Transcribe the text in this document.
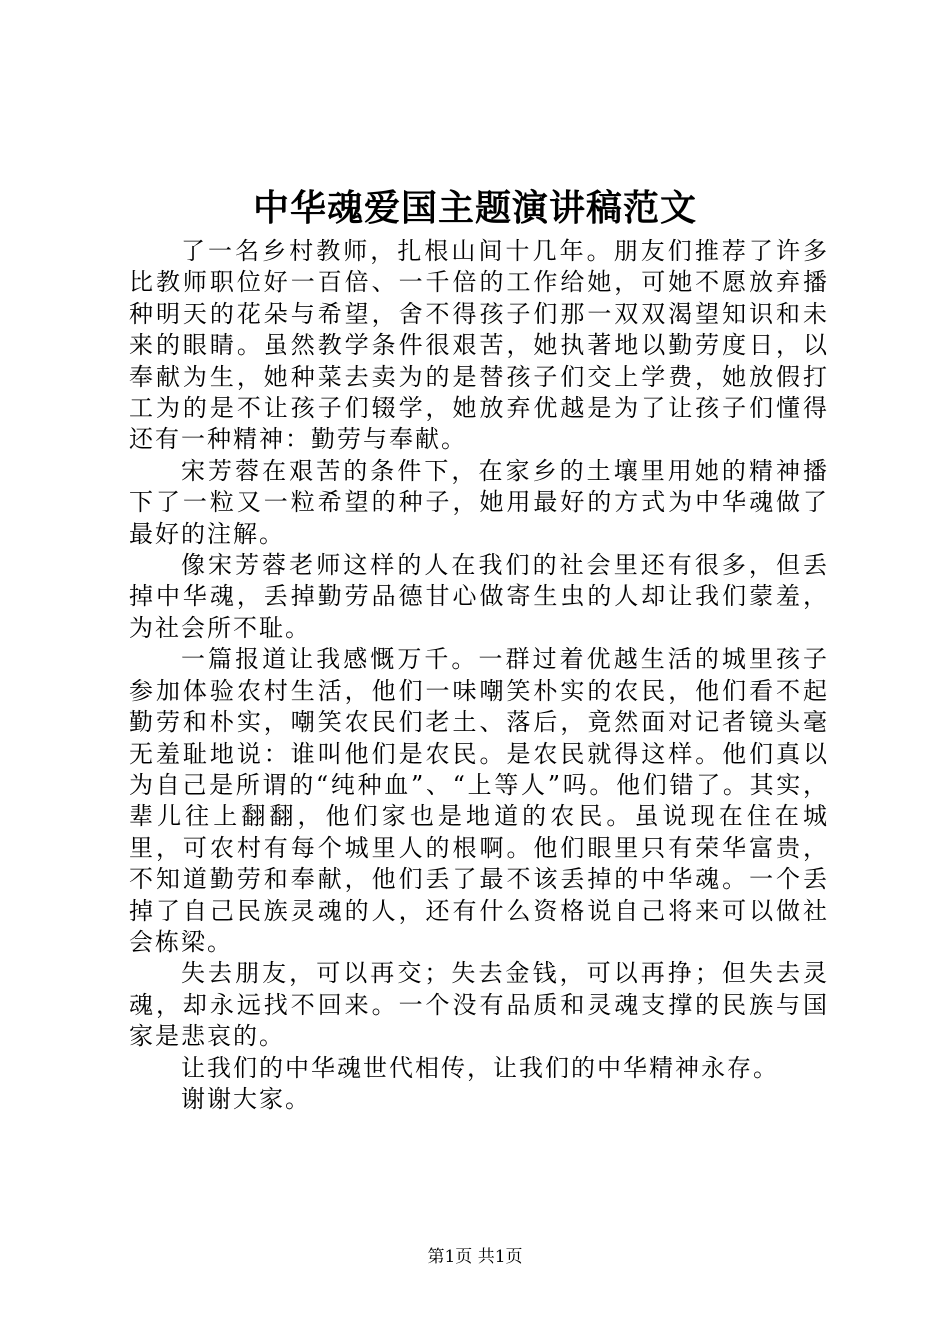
中华魂爱国主题演讲稿范文

了一名乡村教师，扎根山间十几年。朋友们推荐了许多比教师职位好一百倍、一千倍的工作给她，可她不愿放弃播种明天的花朵与希望，舍不得孩子们那一双双渴望知识和未来的眼睛。虽然教学条件很艰苦，她执著地以勤劳度日，以奉献为生，她种菜去卖为的是替孩子们交上学费，她放假打工为的是不让孩子们辍学，她放弃优越是为了让孩子们懂得还有一种精神：勤劳与奉献。

宋芳蓉在艰苦的条件下，在家乡的土壤里用她的精神播下了一粒又一粒希望的种子，她用最好的方式为中华魂做了最好的注解。

像宋芳蓉老师这样的人在我们的社会里还有很多，但丢掉中华魂，丢掉勤劳品德甘心做寄生虫的人却让我们蒙羞，为社会所不耻。

一篇报道让我感慨万千。一群过着优越生活的城里孩子参加体验农村生活，他们一味嘲笑朴实的农民，他们看不起勤劳和朴实，嘲笑农民们老土、落后，竟然面对记者镜头毫无羞耻地说：谁叫他们是农民。是农民就得这样。他们真以为自己是所谓的“纯种血”、“上等人”吗。他们错了。其实，辈儿往上翻翻，他们家也是地道的农民。虽说现在住在城里，可农村有每个城里人的根啊。他们眼里只有荣华富贵，不知道勤劳和奉献，他们丢了最不该丢掉的中华魂。一个丢掉了自己民族灵魂的人，还有什么资格说自己将来可以做社会栋梁。

失去朋友，可以再交；失去金钱，可以再挣；但失去灵魂，却永远找不回来。一个没有品质和灵魂支撑的民族与国家是悲哀的。

让我们的中华魂世代相传，让我们的中华精神永存。

谢谢大家。

第1页 共1页
